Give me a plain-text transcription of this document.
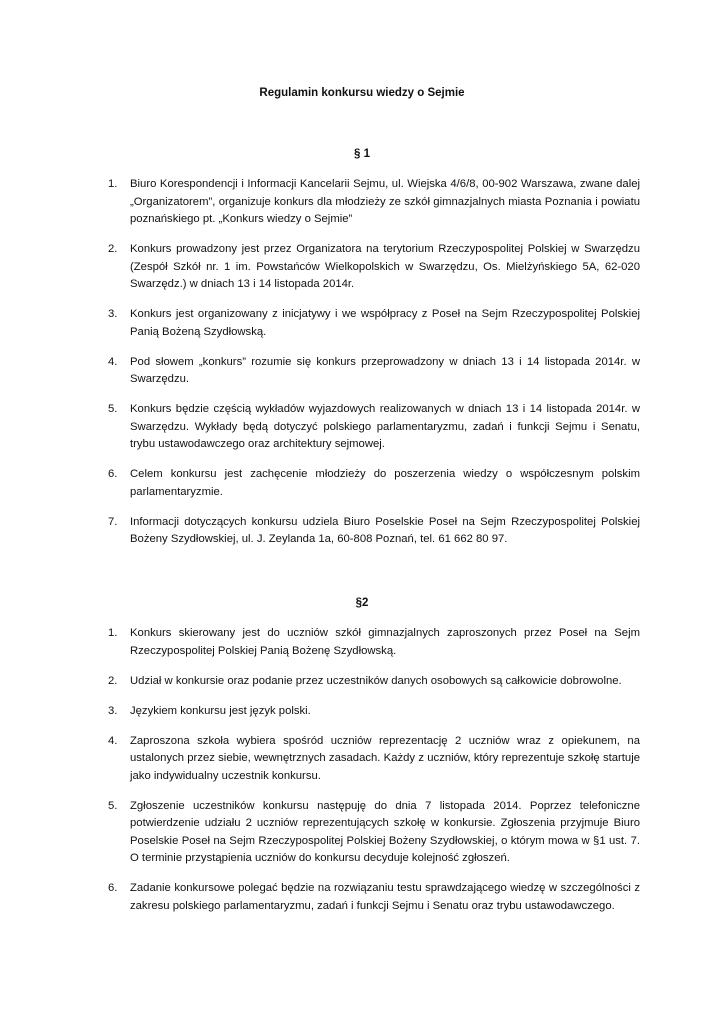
Regulamin konkursu wiedzy o Sejmie
§ 1
1. Biuro Korespondencji i Informacji Kancelarii Sejmu, ul. Wiejska 4/6/8, 00-902 Warszawa, zwane dalej „Organizatorem”, organizuje konkurs dla młodzieży ze szkół gimnazjalnych miasta Poznania i powiatu poznańskiego pt. „Konkurs wiedzy o Sejmie”
2. Konkurs prowadzony jest przez Organizatora na terytorium Rzeczypospolitej Polskiej w Swarzędzu (Zespół Szkół nr. 1 im. Powstańców Wielkopolskich w Swarzędzu, Os. Mielżyńskiego 5A, 62-020 Swarzędz.) w dniach 13 i 14 listopada 2014r.
3. Konkurs jest organizowany z inicjatywy i we współpracy z Poseł na Sejm Rzeczypospolitej Polskiej Panią Bożeną Szydłowską.
4. Pod słowem „konkurs” rozumie się konkurs przeprowadzony w dniach 13 i 14 listopada 2014r. w Swarzędzu.
5. Konkurs będzie częścią wykładów wyjazdowych realizowanych w dniach 13 i 14 listopada 2014r. w Swarzędzu. Wykłady będą dotyczyć polskiego parlamentaryzmu, zadań i funkcji Sejmu i Senatu, trybu ustawodawczego oraz architektury sejmowej.
6. Celem konkursu jest zachęcenie młodzieży do poszerzenia wiedzy o współczesnym polskim parlamentaryzmie.
7. Informacji dotyczących konkursu udziela Biuro Poselskie Poseł na Sejm Rzeczypospolitej Polskiej Bożeny Szydłowskiej, ul. J. Zeylanda 1a, 60-808 Poznań, tel. 61 662 80 97.
§2
1. Konkurs skierowany jest do uczniów szkół gimnazjalnych zaproszonych przez Poseł na Sejm Rzeczypospolitej Polskiej Panią Bożenę Szydłowską.
2. Udział w konkursie oraz podanie przez uczestników danych osobowych są całkowicie dobrowolne.
3. Językiem konkursu jest język polski.
4. Zaproszona szkoła wybiera spośród uczniów reprezentację 2 uczniów wraz z opiekunem, na ustalonych przez siebie, wewnętrznych zasadach. Każdy z uczniów, który reprezentuje szkołę startuje jako indywidualny uczestnik konkursu.
5. Zgłoszenie uczestników konkursu następuję do dnia 7 listopada 2014. Poprzez telefoniczne potwierdzenie udziału 2 uczniów reprezentujących szkołę w konkursie. Zgłoszenia przyjmuje Biuro Poselskie Poseł na Sejm Rzeczypospolitej Polskiej Bożeny Szydłowskiej, o którym mowa w §1 ust. 7. O terminie przystąpienia uczniów do konkursu decyduje kolejność zgłoszeń.
6. Zadanie konkursowe polegać będzie na rozwiązaniu testu sprawdzającego wiedzę w szczególności z zakresu polskiego parlamentaryzmu, zadań i funkcji Sejmu i Senatu oraz trybu ustawodawczego.
